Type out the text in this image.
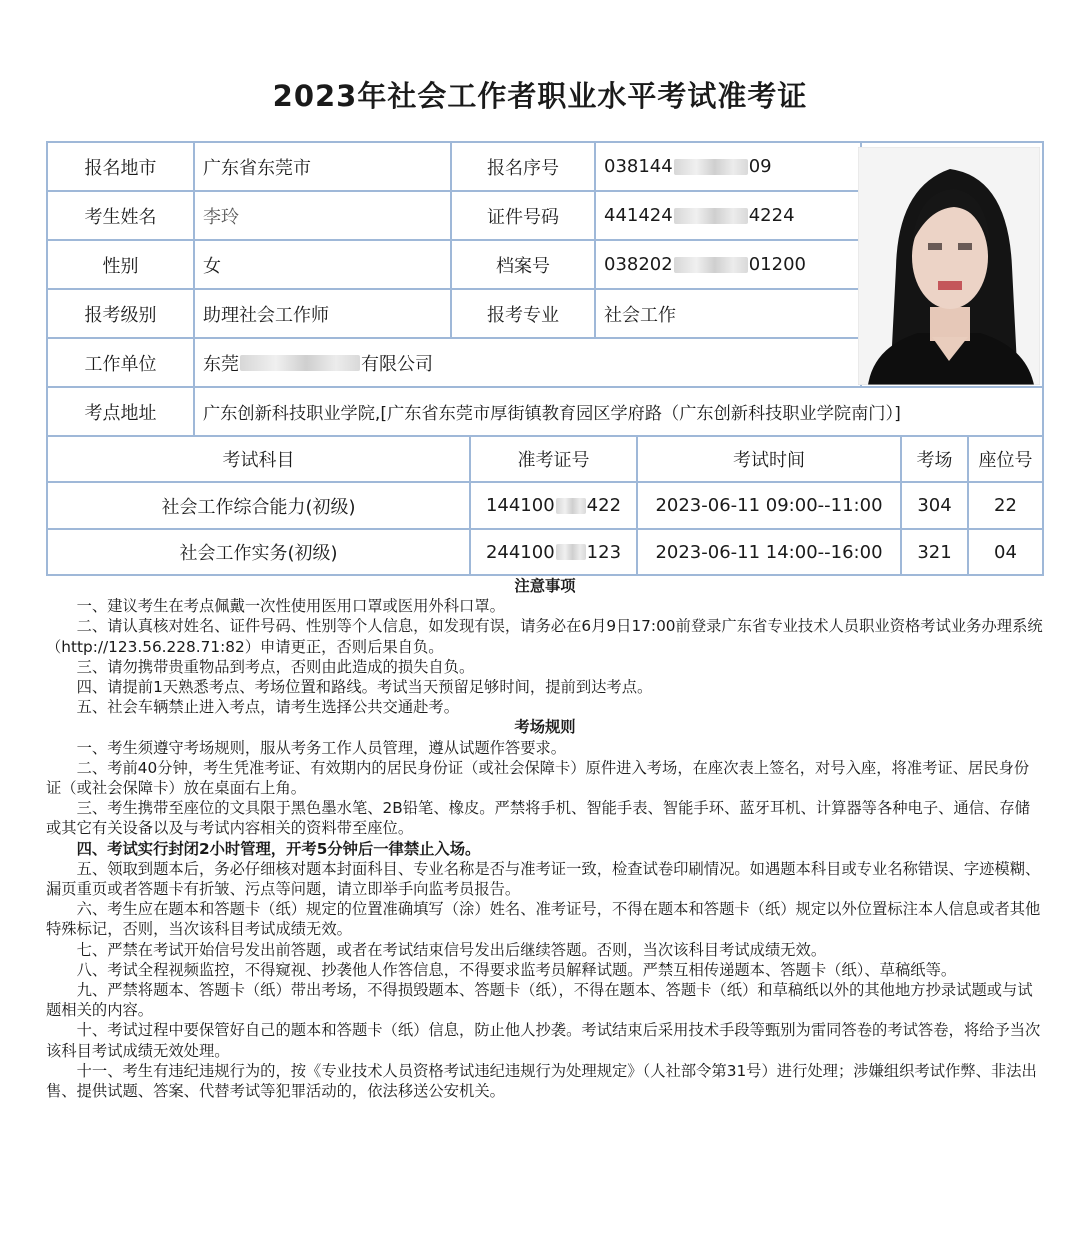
2023年社会工作者职业水平考试准考证
报名地市	广东省东莞市	报名序号	038144	09
考生姓名	李玲	证件号码	441424	4224
性别	女	档案号	038202	01200
报考级别	助理社会工作师	报考专业	社会工作
工作单位	东莞	有限公司
考点地址	广东创新科技职业学院,[广东省东莞市厚街镇教育园区学府路（广东创新科技职业学院南门）]
考试科目	准考证号	考试时间	考场	座位号
社会工作综合能力(初级)	144100 422	2023-06-11 09:00--11:00	304	22
社会工作实务(初级)	244100 123	2023-06-11 14:00--16:00	321	04
注意事项

一、建议考生在考点佩戴一次性使用医用口罩或医用外科口罩。

二、请认真核对姓名、证件号码、性别等个人信息，如发现有误，请务必在6月9日17:00前登录广东省专业技术人员职业资格考试业务办理系统（http://123.56.228.71:82）申请更正，否则后果自负。

三、请勿携带贵重物品到考点，否则由此造成的损失自负。

四、请提前1天熟悉考点、考场位置和路线。考试当天预留足够时间，提前到达考点。

五、社会车辆禁止进入考点，请考生选择公共交通赴考。

考场规则

一、考生须遵守考场规则，服从考务工作人员管理，遵从试题作答要求。

二、考前40分钟，考生凭准考证、有效期内的居民身份证（或社会保障卡）原件进入考场，在座次表上签名，对号入座，将准考证、居民身份证（或社会保障卡）放在桌面右上角。

三、考生携带至座位的文具限于黑色墨水笔、2B铅笔、橡皮。严禁将手机、智能手表、智能手环、蓝牙耳机、计算器等各种电子、通信、存储或其它有关设备以及与考试内容相关的资料带至座位。

四、考试实行封闭2小时管理，开考5分钟后一律禁止入场。

五、领取到题本后，务必仔细核对题本封面科目、专业名称是否与准考证一致，检查试卷印刷情况。如遇题本科目或专业名称错误、字迹模糊、漏页重页或者答题卡有折皱、污点等问题，请立即举手向监考员报告。

六、考生应在题本和答题卡（纸）规定的位置准确填写（涂）姓名、准考证号，不得在题本和答题卡（纸）规定以外位置标注本人信息或者其他特殊标记，否则，当次该科目考试成绩无效。

七、严禁在考试开始信号发出前答题，或者在考试结束信号发出后继续答题。否则，当次该科目考试成绩无效。

八、考试全程视频监控，不得窥视、抄袭他人作答信息，不得要求监考员解释试题。严禁互相传递题本、答题卡（纸）、草稿纸等。

九、严禁将题本、答题卡（纸）带出考场，不得损毁题本、答题卡（纸），不得在题本、答题卡（纸）和草稿纸以外的其他地方抄录试题或与试题相关的内容。

十、考试过程中要保管好自己的题本和答题卡（纸）信息，防止他人抄袭。考试结束后采用技术手段等甄别为雷同答卷的考试答卷，将给予当次该科目考试成绩无效处理。

十一、考生有违纪违规行为的，按《专业技术人员资格考试违纪违规行为处理规定》（人社部令第31号）进行处理；涉嫌组织考试作弊、非法出售、提供试题、答案、代替考试等犯罪活动的，依法移送公安机关。
